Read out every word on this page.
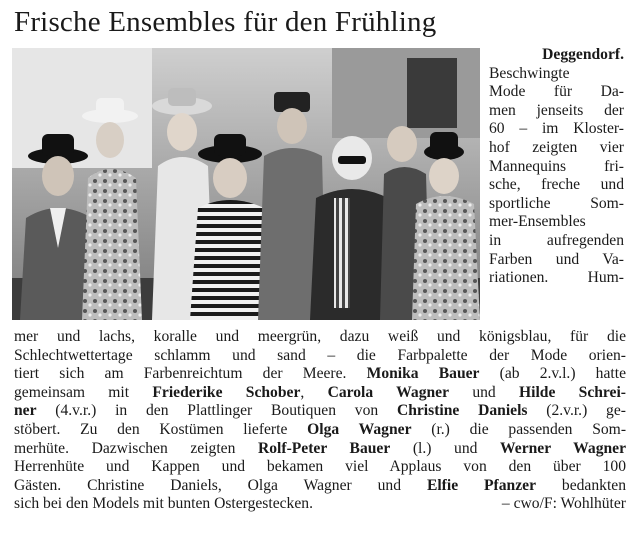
Frische Ensembles für den Frühling
Deggendorf.
Beschwingte
Mode für Da-
men jenseits der
60 – im Kloster-
hof zeigten vier
Mannequins fri-
sche, freche und
sportliche Som-
mer-Ensembles
in aufregenden
Farben und Va-
riationen. Hum-
mer und lachs, koralle und meergrün, dazu weiß und königsblau, für die
Schlechtwettertage schlamm und sand – die Farbpalette der Mode orien-
tiert sich am Farbenreichtum der Meere. Monika Bauer (ab 2.v.l.) hatte
gemeinsam mit Friederike Schober, Carola Wagner und Hilde Schrei-
ner (4.v.r.) in den Plattlinger Boutiquen von Christine Daniels (2.v.r.) ge-
stöbert. Zu den Kostümen lieferte Olga Wagner (r.) die passenden Som-
merhüte. Dazwischen zeigten Rolf-Peter Bauer (l.) und Werner Wagner
Herrenhüte und Kappen und bekamen viel Applaus von den über 100
Gästen. Christine Daniels, Olga Wagner und Elfie Pfanzer bedankten
sich bei den Models mit bunten Ostergestecken.	– cwo/F: Wohlhüter
